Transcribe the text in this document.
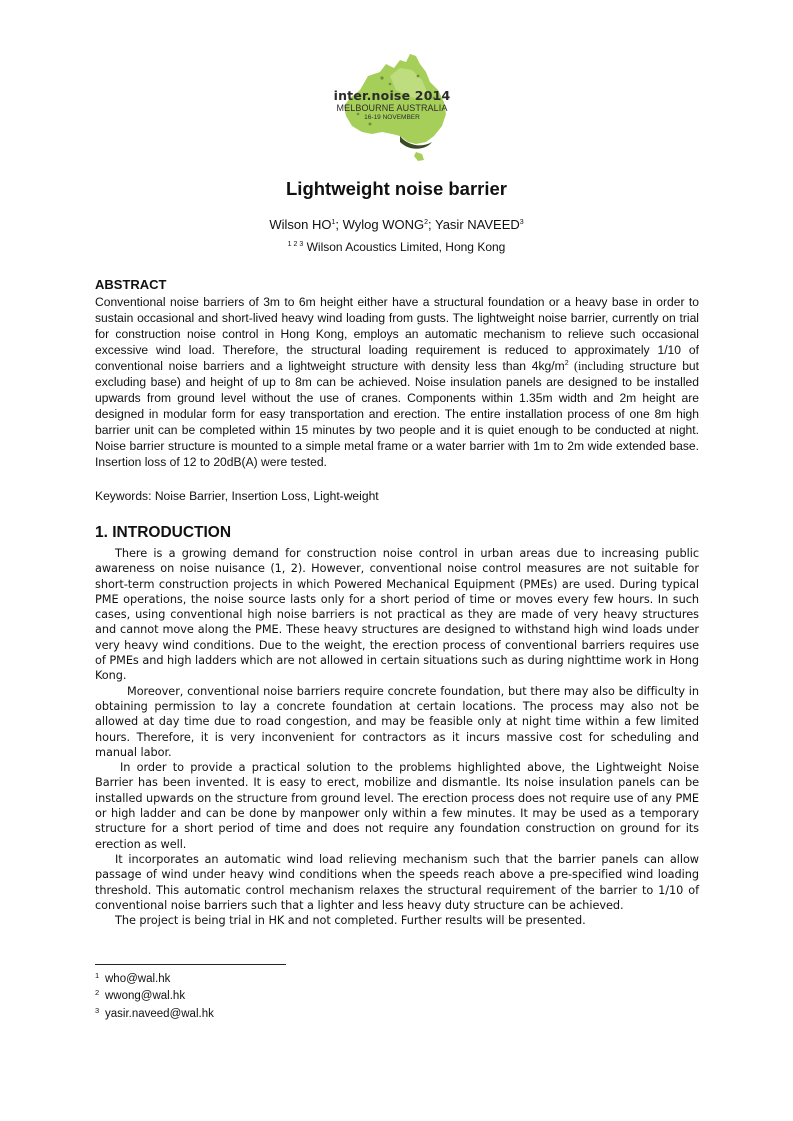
inter.noise 2014
MELBOURNE AUSTRALIA
16-19 NOVEMBER
Lightweight noise barrier
Wilson $HO^1$; Wylog WONG$^2$; Yasir NAVEED$^3$
$^{1 2 3}$ Wilson Acoustics Limited, Hong Kong
ABSTRACT
Conventional noise barriers of 3m to 6m height either have a structural foundation or a heavy base in order to sustain occasional and short-lived heavy wind loading from gusts. The lightweight noise barrier, currently on trial for construction noise control in Hong Kong, employs an automatic mechanism to relieve such occasional excessive wind load. Therefore, the structural loading requirement is reduced to approximately 1/10 of conventional noise barriers and a lightweight structure with density less than $4kg/m^2$ (including structure but excluding base) and height of up to 8m can be achieved. Noise insulation panels are designed to be installed upwards from ground level without the use of cranes. Components within 1.35m width and 2m height are designed in modular form for easy transportation and erection. The entire installation process of one 8m high barrier unit can be completed within 15 minutes by two people and it is quiet enough to be conducted at night. Noise barrier structure is mounted to a simple metal frame or a water barrier with 1m to 2m wide extended base. Insertion loss of 12 to 20dB(A) were tested.
Keywords: Noise Barrier, Insertion Loss, Light-weight
1. INTRODUCTION

There is a growing demand for construction noise control in urban areas due to increasing public awareness on noise nuisance (1, 2). However, conventional noise control measures are not suitable for short-term construction projects in which Powered Mechanical Equipment (PMEs) are used. During typical PME operations, the noise source lasts only for a short period of time or moves every few hours. In such cases, using conventional high noise barriers is not practical as they are made of very heavy structures and cannot move along the PME. These heavy structures are designed to withstand high wind loads under very heavy wind conditions. Due to the weight, the erection process of conventional barriers requires use of PMEs and high ladders which are not allowed in certain situations such as during nighttime work in Hong Kong.

Moreover, conventional noise barriers require concrete foundation, but there may also be difficulty in obtaining permission to lay a concrete foundation at certain locations. The process may also not be allowed at day time due to road congestion, and may be feasible only at night time within a few limited hours. Therefore, it is very inconvenient for contractors as it incurs massive cost for scheduling and manual labor.

In order to provide a practical solution to the problems highlighted above, the Lightweight Noise Barrier has been invented. It is easy to erect, mobilize and dismantle. Its noise insulation panels can be installed upwards on the structure from ground level. The erection process does not require use of any PME or high ladder and can be done by manpower only within a few minutes. It may be used as a temporary structure for a short period of time and does not require any foundation construction on ground for its erection as well.

It incorporates an automatic wind load relieving mechanism such that the barrier panels can allow passage of wind under heavy wind conditions when the speeds reach above a pre-specified wind loading threshold. This automatic control mechanism relaxes the structural requirement of the barrier to 1/10 of conventional noise barriers such that a lighter and less heavy duty structure can be achieved.

The project is being trial in HK and not completed. Further results will be presented.

1 who@wal.hk
2 wwong@wal.hk
3 yasir.naveed@wal.hk
